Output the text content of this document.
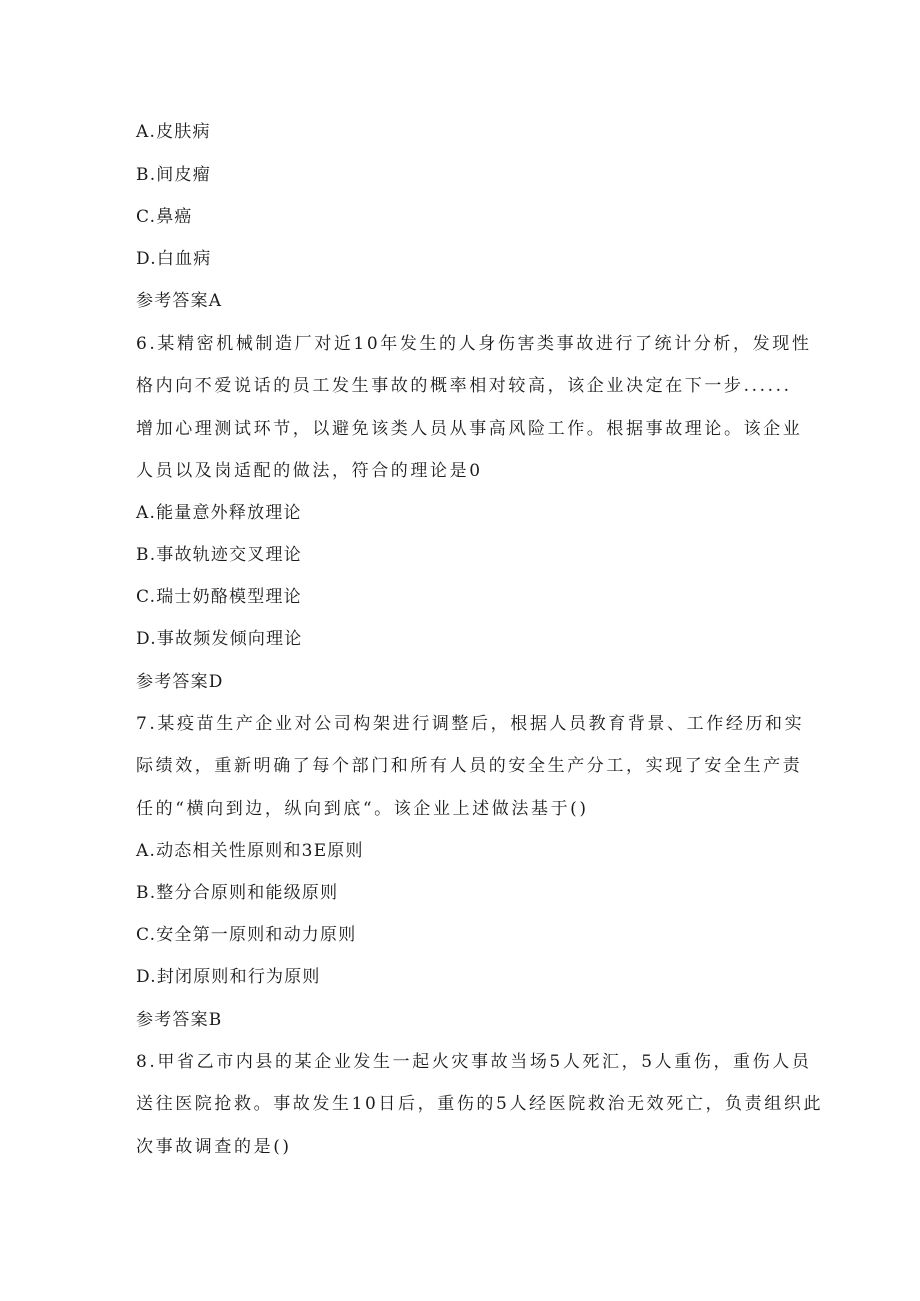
A.皮肤病
B.间皮瘤
C.鼻癌
D.白血病
参考答案A
6.某精密机械制造厂对近10年发生的人身伤害类事故进行了统计分析，发现性
格内向不爱说话的员工发生事故的概率相对较高，该企业决定在下一步......
增加心理测试环节，以避免该类人员从事高风险工作。根据事故理论。该企业
人员以及岗适配的做法，符合的理论是0
A.能量意外释放理论
B.事故轨迹交叉理论
C.瑞士奶酪模型理论
D.事故频发倾向理论
参考答案D
7.某疫苗生产企业对公司构架进行调整后，根据人员教育背景、工作经历和实
际绩效，重新明确了每个部门和所有人员的安全生产分工，实现了安全生产责
任的“横向到边，纵向到底“。该企业上述做法基于()
A.动态相关性原则和3E原则
B.整分合原则和能级原则
C.安全第一原则和动力原则
D.封闭原则和行为原则
参考答案B
8.甲省乙市内县的某企业发生一起火灾事故当场5人死汇，5人重伤，重伤人员
送往医院抢救。事故发生10日后，重伤的5人经医院救治无效死亡，负责组织此
次事故调查的是()
